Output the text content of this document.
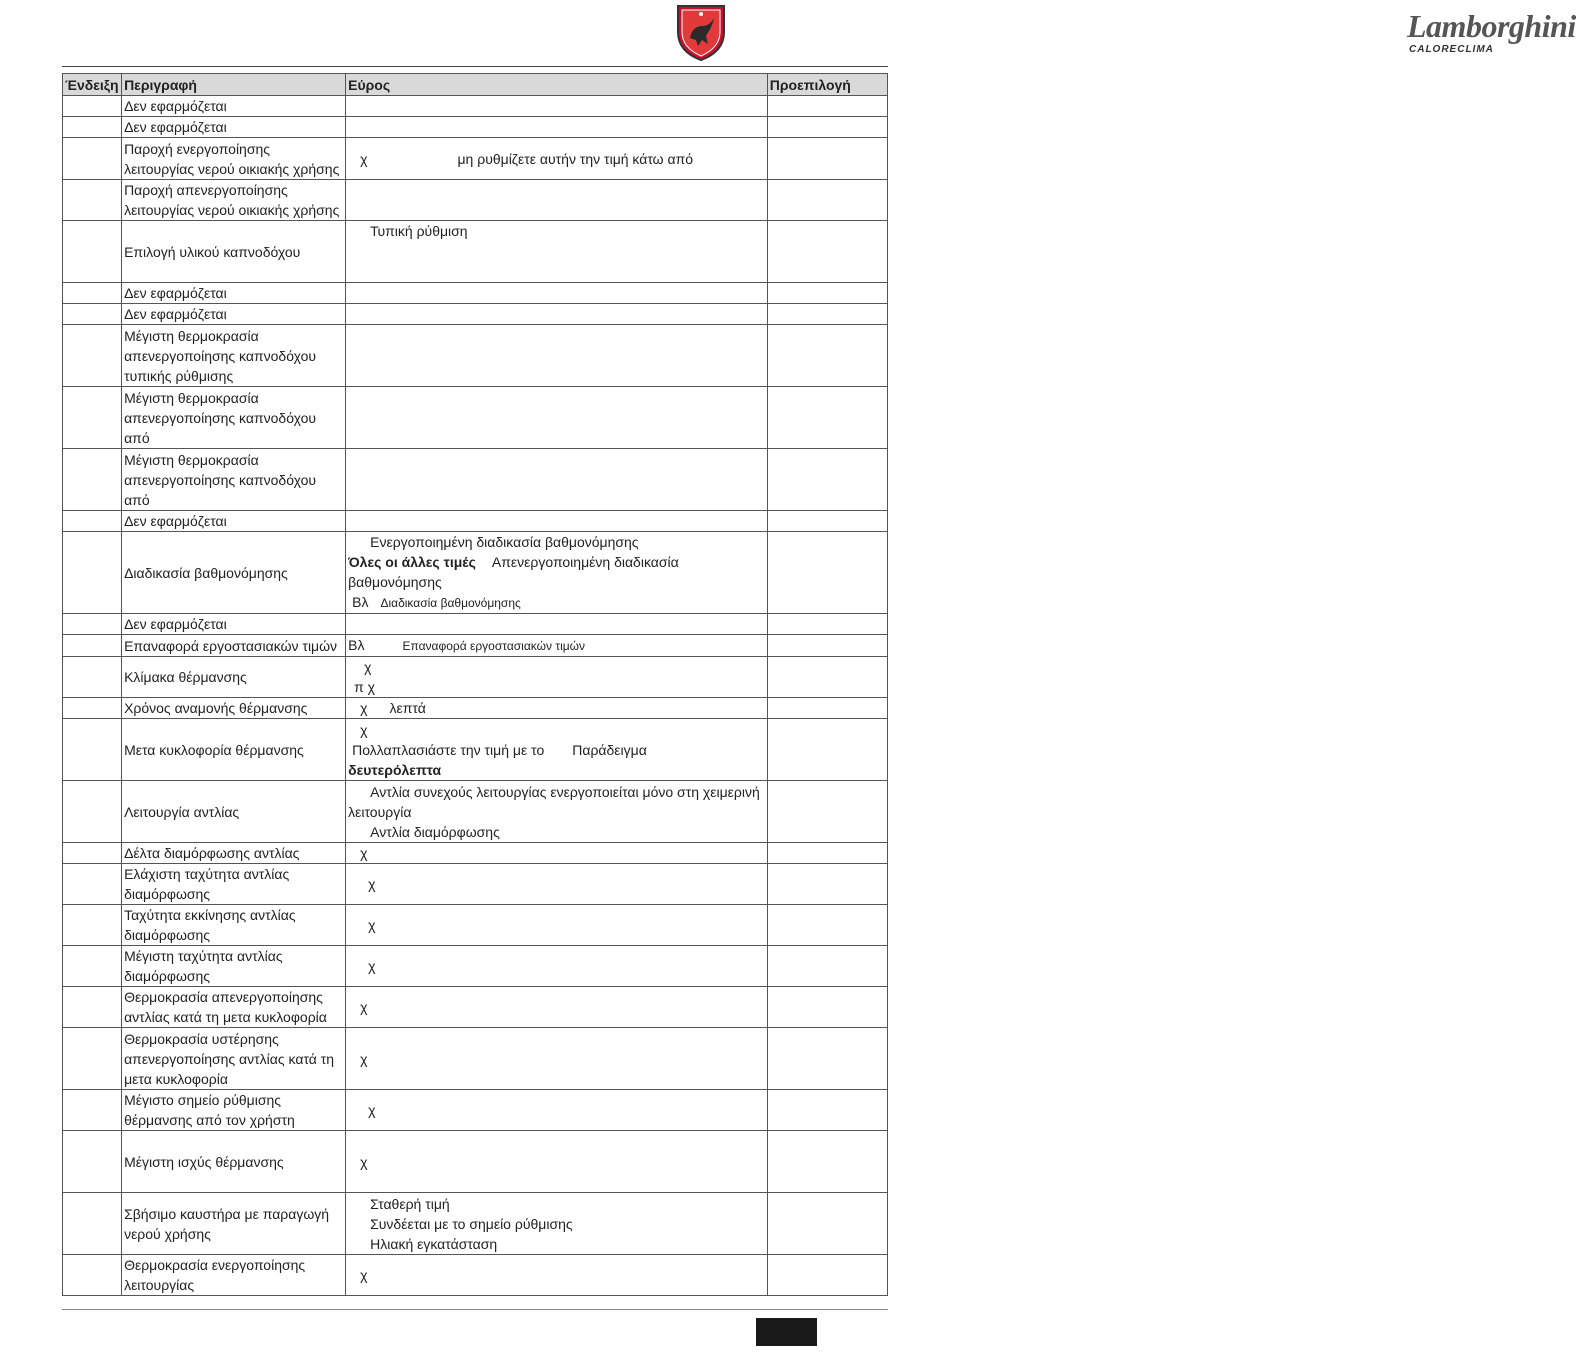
Lamborghini
CALORECLIMA
Ένδειξη	Περιγραφή	Εύρος	Προεπιλογή
	Δεν εφαρμόζεται		
	Δεν εφαρμόζεται		
	Παροχή ενεργοποίησης λειτουργίας νερού οικιακής χρήσης	χ μη ρυθμίζετε αυτήν την τιμή κάτω από	
	Παροχή απενεργοποίησης λειτουργίας νερού οικιακής χρήσης		
	Επιλογή υλικού καπνοδόχου	Τυπική ρύθμιση	

	Δεν εφαρμόζεται		
	Δεν εφαρμόζεται		
	Μέγιστη θερμοκρασία απενεργοποίησης καπνοδόχου τυπικής ρύθμισης		
	Μέγιστη θερμοκρασία απενεργοποίησης καπνοδόχου από		
	Μέγιστη θερμοκρασία απενεργοποίησης καπνοδόχου από		
	Δεν εφαρμόζεται		
	Διαδικασία βαθμονόμησης	Ενεργοποιημένη διαδικασία βαθμονόμησης
Όλες οι άλλες τιμές Απενεργοποιημένη διαδικασία βαθμονόμησης
Βλ Διαδικασία βαθμονόμησης	

	Δεν εφαρμόζεται		
	Επαναφορά εργοστασιακών τιμών	Βλ Επαναφορά εργοστασιακών τιμών	
	Κλίμακα θέρμανσης	χ
π χ	

	Χρόνος αναμονής θέρμανσης	χ λεπτά	
	Μετα κυκλοφορία θέρμανσης	χ
Πολλαπλασιάστε την τιμή με το Παράδειγμα
δευτερόλεπτα	

	Λειτουργία αντλίας	Αντλία συνεχούς λειτουργίας ενεργοποιείται μόνο στη χειμερινή λειτουργία
Αντλία διαμόρφωσης	

	Δέλτα διαμόρφωσης αντλίας	χ	
	Ελάχιστη ταχύτητα αντλίας διαμόρφωσης	χ	
	Ταχύτητα εκκίνησης αντλίας διαμόρφωσης	χ	
	Μέγιστη ταχύτητα αντλίας διαμόρφωσης	χ	
	Θερμοκρασία απενεργοποίησης αντλίας κατά τη μετα κυκλοφορία	χ	
	Θερμοκρασία υστέρησης απενεργοποίησης αντλίας κατά τη μετα κυκλοφορία	χ	
	Μέγιστο σημείο ρύθμισης θέρμανσης από τον χρήστη	χ	
	Μέγιστη ισχύς θέρμανσης	χ	
	Σβήσιμο καυστήρα με παραγωγή νερού χρήσης	Σταθερή τιμή
Συνδέεται με το σημείο ρύθμισης
Ηλιακή εγκατάσταση	

	Θερμοκρασία ενεργοποίησης λειτουργίας	χ	
